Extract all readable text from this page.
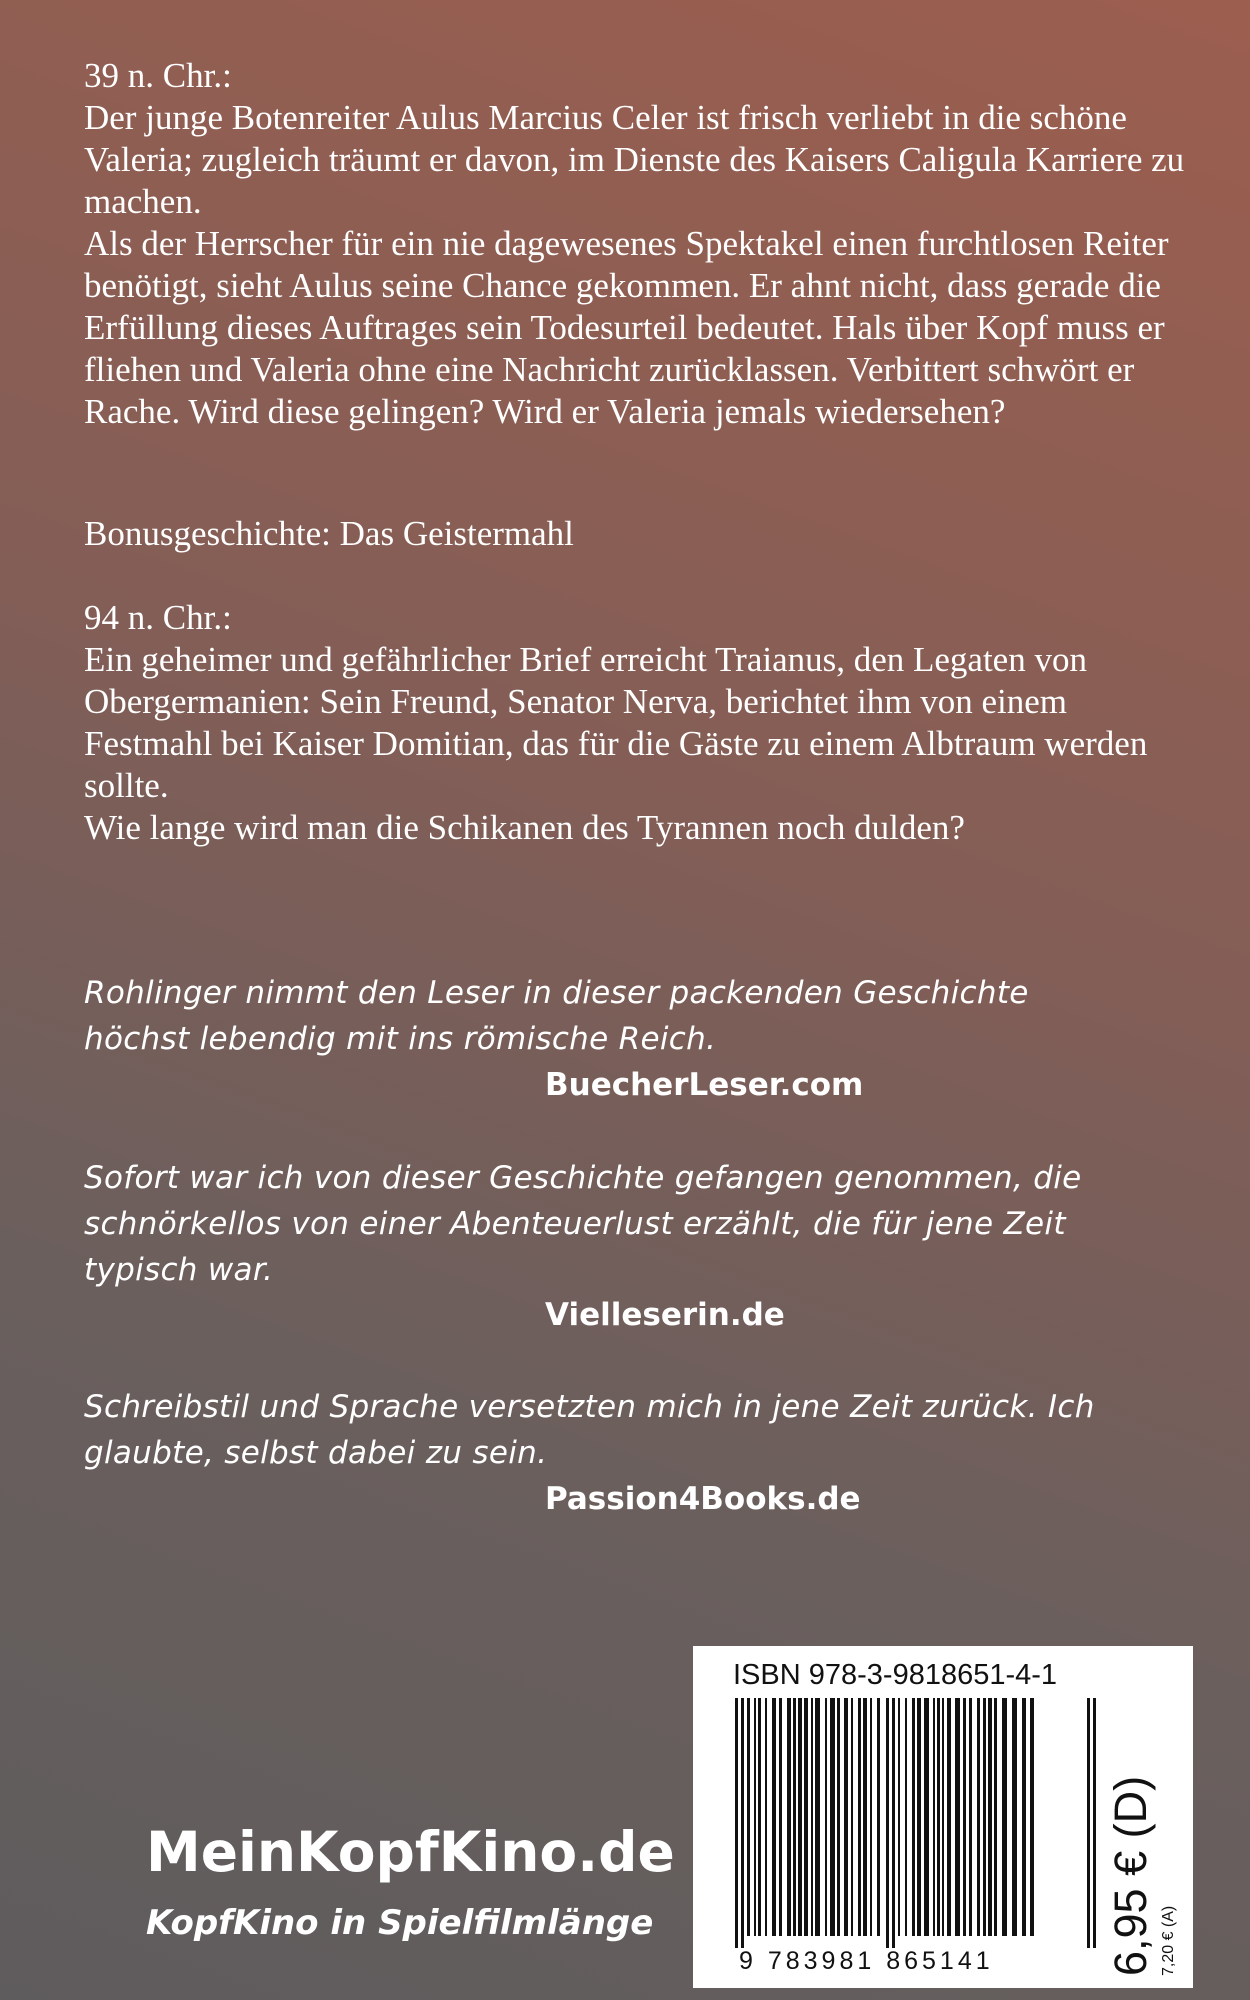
39 n. Chr.:
Der junge Botenreiter Aulus Marcius Celer ist frisch verliebt in die schöne Valeria; zugleich träumt er davon, im Dienste des Kaisers Caligula Karriere zu machen.
Als der Herrscher für ein nie dagewesenes Spektakel einen furchtlosen Reiter benötigt, sieht Aulus seine Chance gekommen. Er ahnt nicht, dass gerade die Erfüllung dieses Auftrages sein Todesurteil bedeutet. Hals über Kopf muss er fliehen und Valeria ohne eine Nachricht zurücklassen. Verbittert schwört er Rache. Wird diese gelingen? Wird er Valeria jemals wiedersehen?
Bonusgeschichte: Das Geistermahl
94 n. Chr.:
Ein geheimer und gefährlicher Brief erreicht Traianus, den Legaten von Obergermanien: Sein Freund, Senator Nerva, berichtet ihm von einem Festmahl bei Kaiser Domitian, das für die Gäste zu einem Albtraum werden sollte.
Wie lange wird man die Schikanen des Tyrannen noch dulden?
Rohlinger nimmt den Leser in dieser packenden Geschichte höchst lebendig mit ins römische Reich.
BuecherLeser.com
Sofort war ich von dieser Geschichte gefangen genommen, die schnörkellos von einer Abenteuerlust erzählt, die für jene Zeit typisch war.
Vielleserin.de
Schreibstil und Sprache versetzten mich in jene Zeit zurück. Ich glaubte, selbst dabei zu sein.
Passion4Books.de
MeinKopfKino.de
KopfKino in Spielfilmlänge
ISBN 978-3-9818651-4-1
9 783981 865141 6,95 € (D) 7,20 € (A)
